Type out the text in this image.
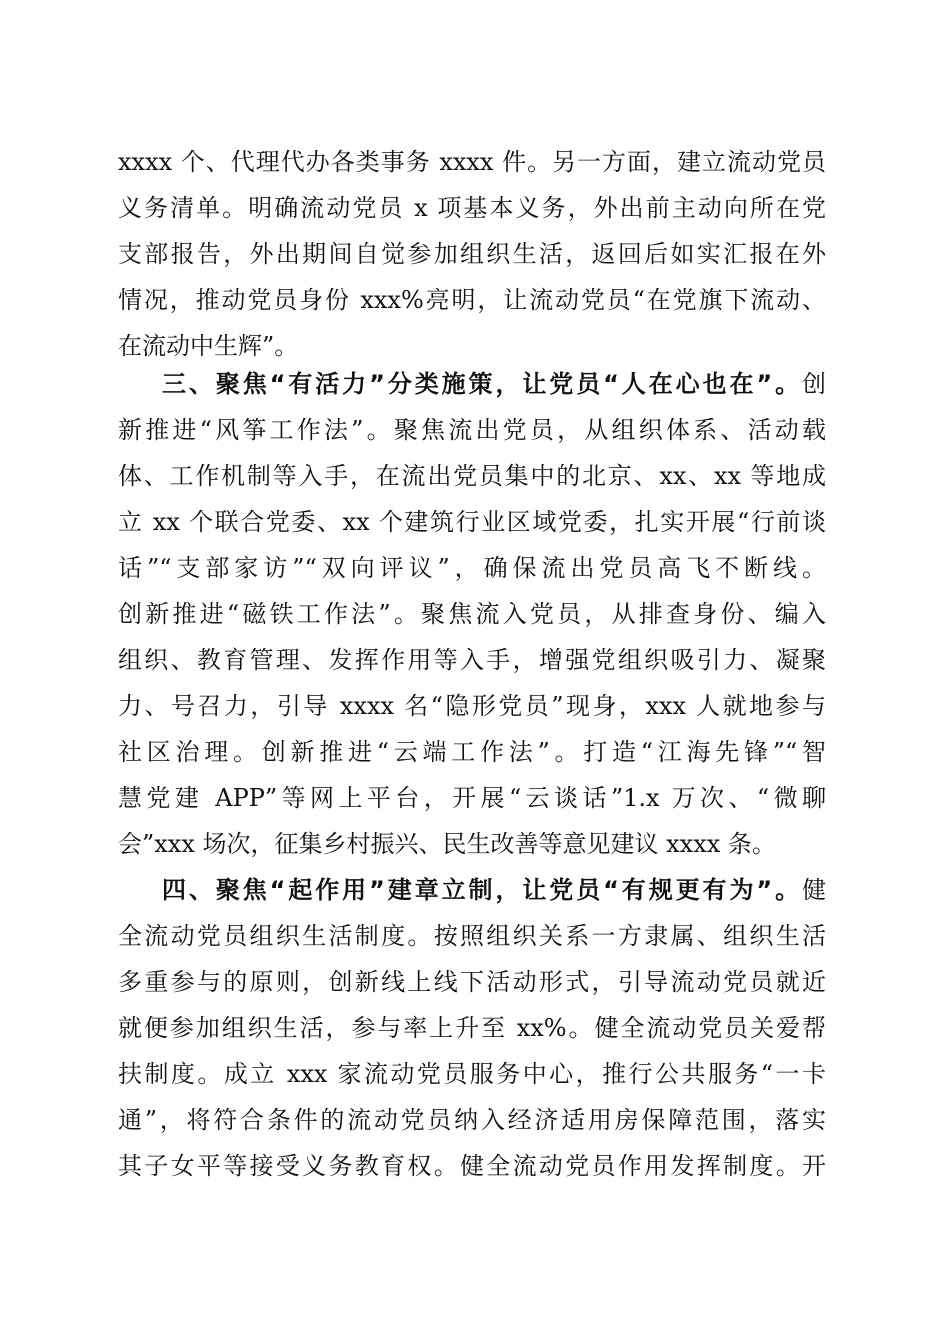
xxxx 个、代理代办各类事务 xxxx 件。另一方面，建立流动党员
义务清单。明确流动党员 x 项基本义务，外出前主动向所在党
支部报告，外出期间自觉参加组织生活，返回后如实汇报在外
情况，推动党员身份 xxx%亮明，让流动党员“在党旗下流动、
在流动中生辉”。
三、聚焦“有活力”分类施策，让党员“人在心也在”。创
新推进“风筝工作法”。聚焦流出党员，从组织体系、活动载
体、工作机制等入手，在流出党员集中的北京、xx、xx 等地成
立 xx 个联合党委、xx 个建筑行业区域党委，扎实开展“行前谈
话”“支部家访”“双向评议”，确保流出党员高飞不断线。
创新推进“磁铁工作法”。聚焦流入党员，从排查身份、编入
组织、教育管理、发挥作用等入手，增强党组织吸引力、凝聚
力、号召力，引导 xxxx 名“隐形党员”现身，xxx 人就地参与
社区治理。创新推进“云端工作法”。打造“江海先锋”“智
慧党建 APP”等网上平台，开展“云谈话”1.x 万次、“微聊
会”xxx 场次，征集乡村振兴、民生改善等意见建议 xxxx 条。
四、聚焦“起作用”建章立制，让党员“有规更有为”。健
全流动党员组织生活制度。按照组织关系一方隶属、组织生活
多重参与的原则，创新线上线下活动形式，引导流动党员就近
就便参加组织生活，参与率上升至 xx%。健全流动党员关爱帮
扶制度。成立 xxx 家流动党员服务中心，推行公共服务“一卡
通”，将符合条件的流动党员纳入经济适用房保障范围，落实
其子女平等接受义务教育权。健全流动党员作用发挥制度。开
